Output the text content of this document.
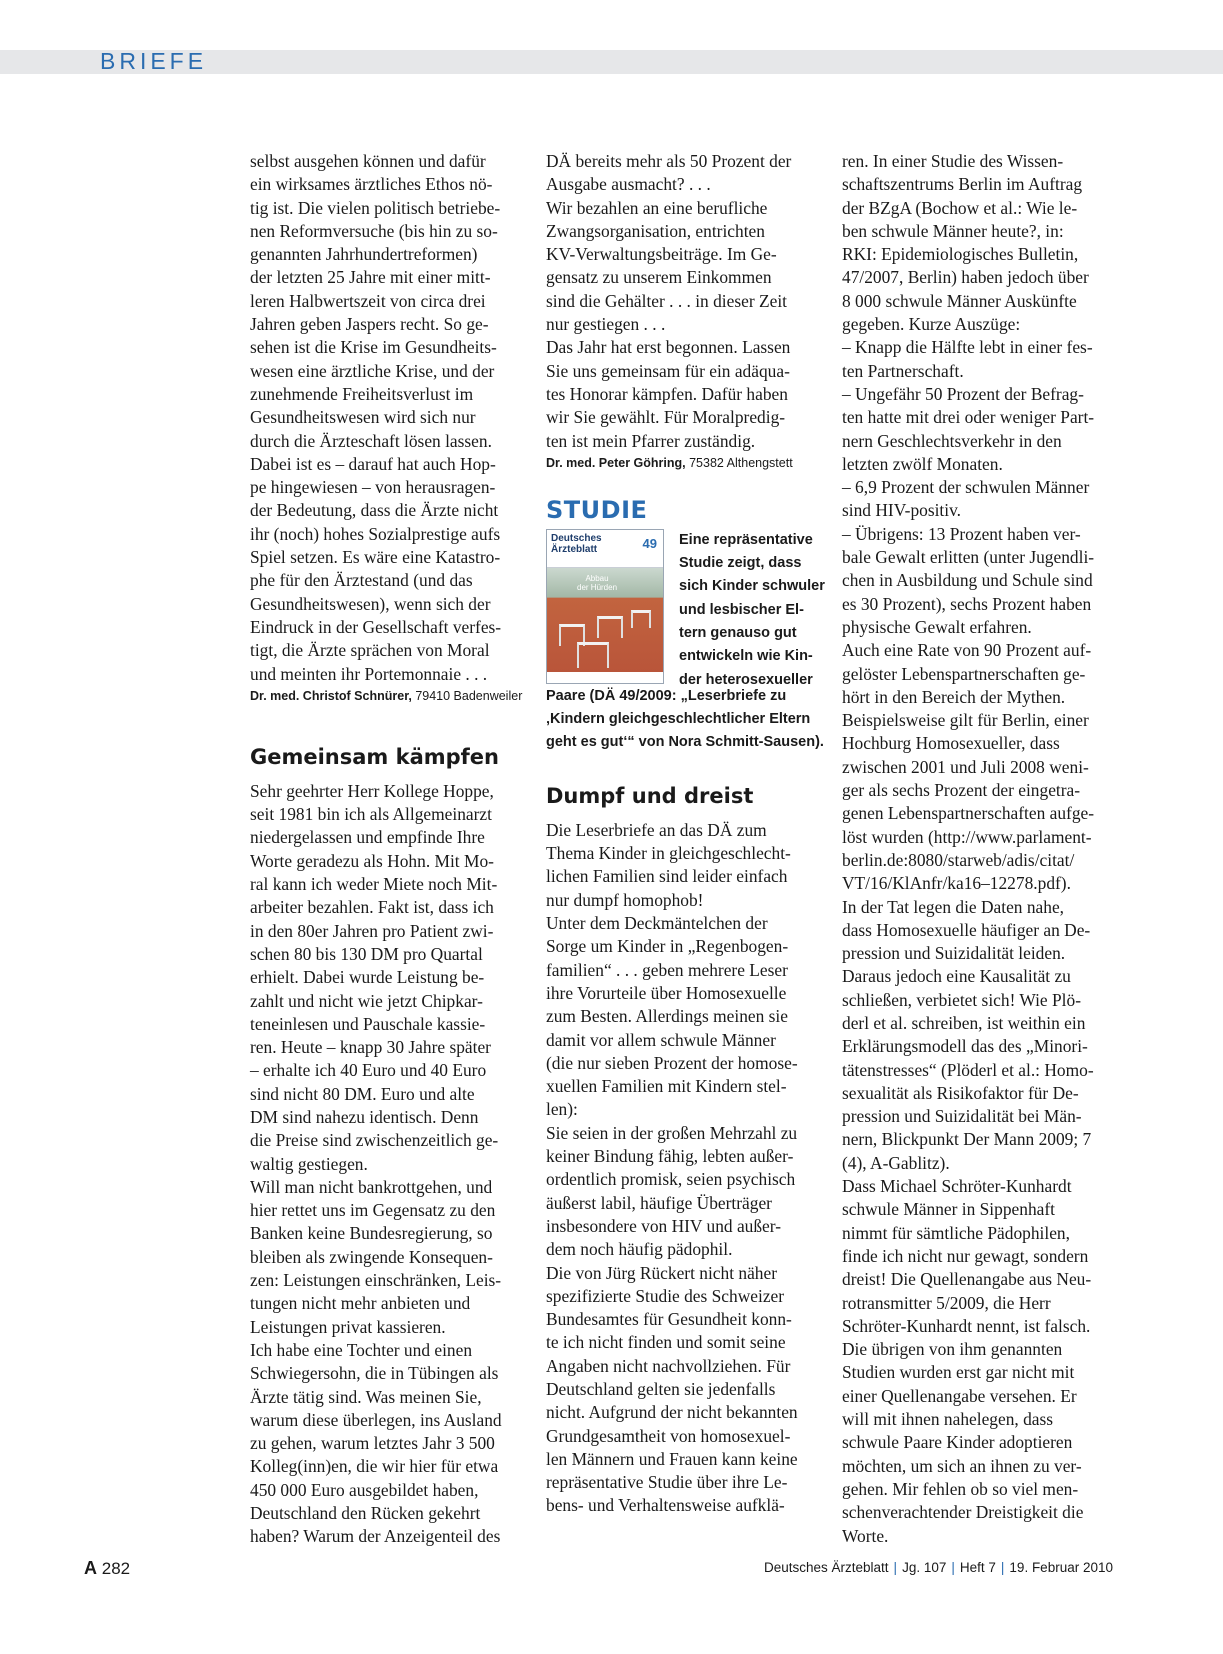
BRIEFE
selbst ausgehen können und dafür
ein wirksames ärztliches Ethos nö-
tig ist. Die vielen politisch betriebe-
nen Reformversuche (bis hin zu so-
genannten Jahrhundertreformen)
der letzten 25 Jahre mit einer mitt-
leren Halbwertszeit von circa drei
Jahren geben Jaspers recht. So ge-
sehen ist die Krise im Gesundheits-
wesen eine ärztliche Krise, und der
zunehmende Freiheitsverlust im
Gesundheitswesen wird sich nur
durch die Ärzteschaft lösen lassen.
Dabei ist es – darauf hat auch Hop-
pe hingewiesen – von herausragen-
der Bedeutung, dass die Ärzte nicht
ihr (noch) hohes Sozialprestige aufs
Spiel setzen. Es wäre eine Katastro-
phe für den Ärztestand (und das
Gesundheitswesen), wenn sich der
Eindruck in der Gesellschaft verfes-
tigt, die Ärzte sprächen von Moral
und meinten ihr Portemonnaie . . .
Dr. med. Christof Schnürer, 79410 Badenweiler
Gemeinsam kämpfen
Sehr geehrter Herr Kollege Hoppe,
seit 1981 bin ich als Allgemeinarzt
niedergelassen und empfinde Ihre
Worte geradezu als Hohn. Mit Mo-
ral kann ich weder Miete noch Mit-
arbeiter bezahlen. Fakt ist, dass ich
in den 80er Jahren pro Patient zwi-
schen 80 bis 130 DM pro Quartal
erhielt. Dabei wurde Leistung be-
zahlt und nicht wie jetzt Chipkar-
teneinlesen und Pauschale kassie-
ren. Heute – knapp 30 Jahre später
– erhalte ich 40 Euro und 40 Euro
sind nicht 80 DM. Euro und alte
DM sind nahezu identisch. Denn
die Preise sind zwischenzeitlich ge-
waltig gestiegen.
Will man nicht bankrottgehen, und
hier rettet uns im Gegensatz zu den
Banken keine Bundesregierung, so
bleiben als zwingende Konsequen-
zen: Leistungen einschränken, Leis-
tungen nicht mehr anbieten und
Leistungen privat kassieren.
Ich habe eine Tochter und einen
Schwiegersohn, die in Tübingen als
Ärzte tätig sind. Was meinen Sie,
warum diese überlegen, ins Ausland
zu gehen, warum letztes Jahr 3 500
Kolleg(inn)en, die wir hier für etwa
450 000 Euro ausgebildet haben,
Deutschland den Rücken gekehrt
haben? Warum der Anzeigenteil des
DÄ bereits mehr als 50 Prozent der
Ausgabe ausmacht? . . .
Wir bezahlen an eine berufliche
Zwangsorganisation, entrichten
KV-Verwaltungsbeiträge. Im Ge-
gensatz zu unserem Einkommen
sind die Gehälter . . . in dieser Zeit
nur gestiegen . . .
Das Jahr hat erst begonnen. Lassen
Sie uns gemeinsam für ein adäqua-
tes Honorar kämpfen. Dafür haben
wir Sie gewählt. Für Moralpredig-
ten ist mein Pfarrer zuständig.
Dr. med. Peter Göhring, 75382 Althengstett
STUDIE
Deutsches
Ärzteblatt	49
Abbau
der Hürden
Eine repräsentative
Studie zeigt, dass
sich Kinder schwuler
und lesbischer El-
tern genauso gut
entwickeln wie Kin-
der heterosexueller
Paare (DÄ 49/2009: „Leserbriefe zu
‚Kindern gleichgeschlechtlicher Eltern
geht es gut‘“ von Nora Schmitt-Sausen).
Dumpf und dreist
Die Leserbriefe an das DÄ zum
Thema Kinder in gleichgeschlecht-
lichen Familien sind leider einfach
nur dumpf homophob!
Unter dem Deckmäntelchen der
Sorge um Kinder in „Regenbogen-
familien“ . . . geben mehrere Leser
ihre Vorurteile über Homosexuelle
zum Besten. Allerdings meinen sie
damit vor allem schwule Männer
(die nur sieben Prozent der homose-
xuellen Familien mit Kindern stel-
len):
Sie seien in der großen Mehrzahl zu
keiner Bindung fähig, lebten außer-
ordentlich promisk, seien psychisch
äußerst labil, häufige Überträger
insbesondere von HIV und außer-
dem noch häufig pädophil.
Die von Jürg Rückert nicht näher
spezifizierte Studie des Schweizer
Bundesamtes für Gesundheit konn-
te ich nicht finden und somit seine
Angaben nicht nachvollziehen. Für
Deutschland gelten sie jedenfalls
nicht. Aufgrund der nicht bekannten
Grundgesamtheit von homosexuel-
len Männern und Frauen kann keine
repräsentative Studie über ihre Le-
bens- und Verhaltensweise aufklä-
ren. In einer Studie des Wissen-
schaftszentrums Berlin im Auftrag
der BZgA (Bochow et al.: Wie le-
ben schwule Männer heute?, in:
RKI: Epidemiologisches Bulletin,
47/2007, Berlin) haben jedoch über
8 000 schwule Männer Auskünfte
gegeben. Kurze Auszüge:
– Knapp die Hälfte lebt in einer fes-
ten Partnerschaft.
– Ungefähr 50 Prozent der Befrag-
ten hatte mit drei oder weniger Part-
nern Geschlechtsverkehr in den
letzten zwölf Monaten.
– 6,9 Prozent der schwulen Männer
sind HIV-positiv.
– Übrigens: 13 Prozent haben ver-
bale Gewalt erlitten (unter Jugendli-
chen in Ausbildung und Schule sind
es 30 Prozent), sechs Prozent haben
physische Gewalt erfahren.
Auch eine Rate von 90 Prozent auf-
gelöster Lebenspartnerschaften ge-
hört in den Bereich der Mythen.
Beispielsweise gilt für Berlin, einer
Hochburg Homosexueller, dass
zwischen 2001 und Juli 2008 weni-
ger als sechs Prozent der eingetra-
genen Lebenspartnerschaften aufge-
löst wurden (http://www.parlament-
berlin.de:8080/starweb/adis/citat/
VT/16/KlAnfr/ka16–12278.pdf).
In der Tat legen die Daten nahe,
dass Homosexuelle häufiger an De-
pression und Suizidalität leiden.
Daraus jedoch eine Kausalität zu
schließen, verbietet sich! Wie Plö-
derl et al. schreiben, ist weithin ein
Erklärungsmodell das des „Minori-
tätenstresses“ (Plöderl et al.: Homo-
sexualität als Risikofaktor für De-
pression und Suizidalität bei Män-
nern, Blickpunkt Der Mann 2009; 7
(4), A-Gablitz).
Dass Michael Schröter-Kunhardt
schwule Männer in Sippenhaft
nimmt für sämtliche Pädophilen,
finde ich nicht nur gewagt, sondern
dreist! Die Quellenangabe aus Neu-
rotransmitter 5/2009, die Herr
Schröter-Kunhardt nennt, ist falsch.
Die übrigen von ihm genannten
Studien wurden erst gar nicht mit
einer Quellenangabe versehen. Er
will mit ihnen nahelegen, dass
schwule Paare Kinder adoptieren
möchten, um sich an ihnen zu ver-
gehen. Mir fehlen ob so viel men-
schenverachtender Dreistigkeit die
Worte.
A 282	Deutsches Ärzteblatt | Jg. 107 | Heft 7 | 19. Februar 2010
